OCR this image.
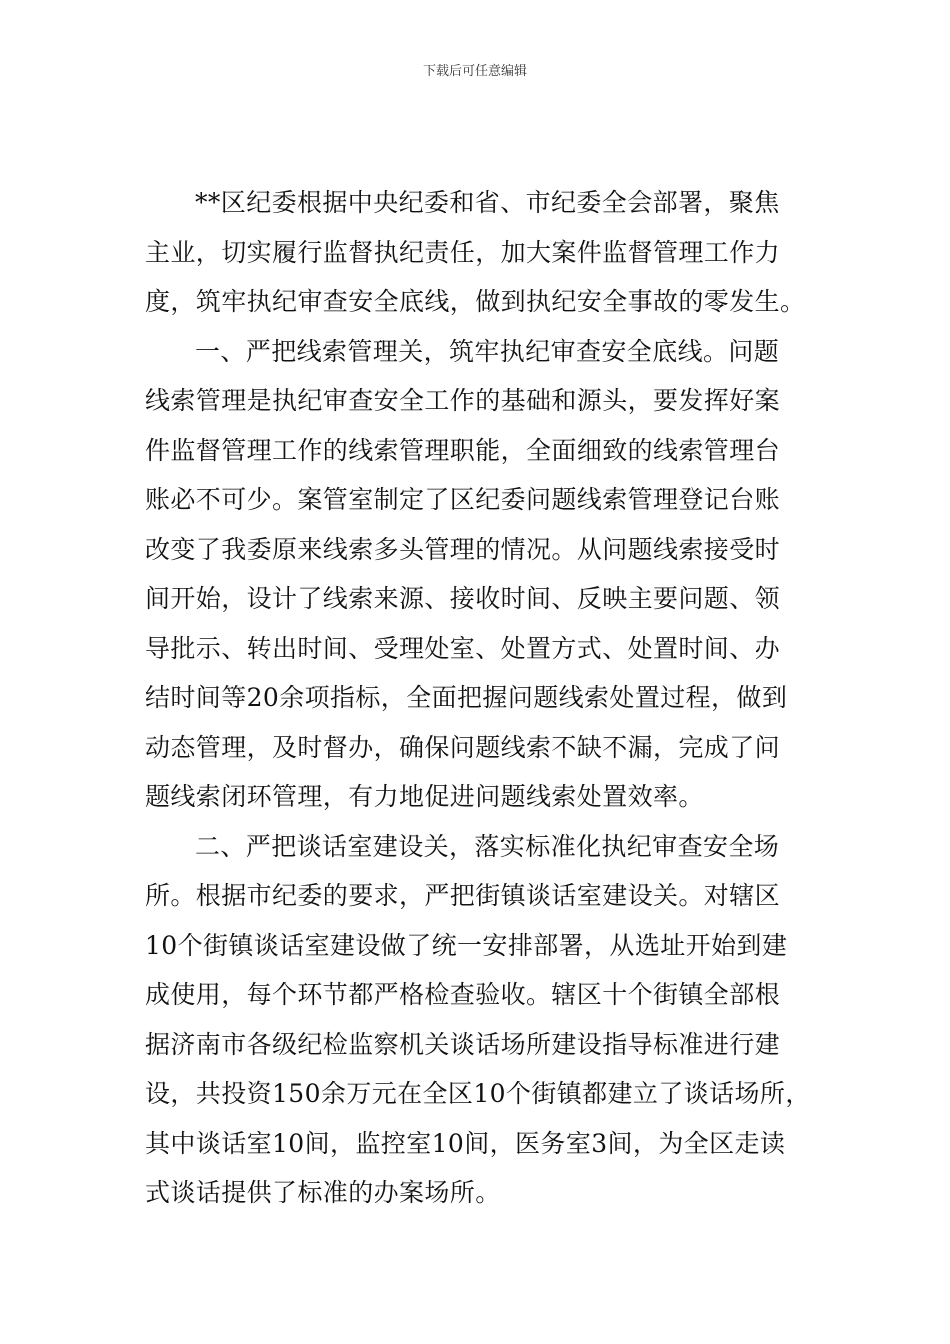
下载后可任意编辑
**区纪委根据中央纪委和省、市纪委全会部署，聚焦
主业，切实履行监督执纪责任，加大案件监督管理工作力
度，筑牢执纪审查安全底线，做到执纪安全事故的零发生。
一、严把线索管理关，筑牢执纪审查安全底线。问题
线索管理是执纪审查安全工作的基础和源头，要发挥好案
件监督管理工作的线索管理职能，全面细致的线索管理台
账必不可少。案管室制定了区纪委问题线索管理登记台账
改变了我委原来线索多头管理的情况。从问题线索接受时
间开始，设计了线索来源、接收时间、反映主要问题、领
导批示、转出时间、受理处室、处置方式、处置时间、办
结时间等20余项指标，全面把握问题线索处置过程，做到
动态管理，及时督办，确保问题线索不缺不漏，完成了问
题线索闭环管理，有力地促进问题线索处置效率。
二、严把谈话室建设关，落实标准化执纪审查安全场
所。根据市纪委的要求，严把街镇谈话室建设关。对辖区
10个街镇谈话室建设做了统一安排部署，从选址开始到建
成使用，每个环节都严格检查验收。辖区十个街镇全部根
据济南市各级纪检监察机关谈话场所建设指导标准进行建
设，共投资150余万元在全区10个街镇都建立了谈话场所，
其中谈话室10间，监控室10间，医务室3间，为全区走读
式谈话提供了标准的办案场所。
